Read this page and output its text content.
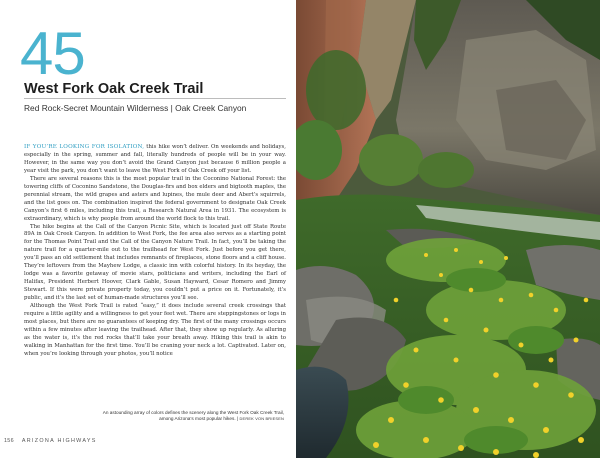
45
West Fork Oak Creek Trail
Red Rock-Secret Mountain Wilderness | Oak Creek Canyon

IF YOU’RE LOOKING FOR ISOLATION, this hike won’t deliver. On weekends and holidays, especially in the spring, summer and fall, literally hundreds of people will be in your way. However, in the same way you don’t avoid the Grand Canyon just because 6 million people a year visit the park, you don’t want to leave the West Fork of Oak Creek off your list.

There are several reasons this is the most popular trail in the Coconino National Forest: the towering cliffs of Coconino Sandstone, the Douglas-firs and box elders and bigtooth maples, the perennial stream, the wild grapes and asters and lupines, the mule deer and Abert’s squirrels, and the list goes on. The combination inspired the federal government to designate Oak Creek Canyon’s first 6 miles, including this trail, a Research Natural Area in 1931. The ecosystem is extraordinary, which is why people from around the world flock to this trail.

The hike begins at the Call of the Canyon Picnic Site, which is located just off State Route 89A in Oak Creek Canyon. In addition to West Fork, the fee area also serves as a starting point for the Thomas Point Trail and the Call of the Canyon Nature Trail. In fact, you’ll be taking the nature trail for a quarter-mile out to the trailhead for West Fork. Just before you get there, you’ll pass an old settlement that includes remnants of fireplaces, stone floors and a cliff house. They’re leftovers from the Mayhew Lodge, a classic inn with colorful history. In its heyday, the lodge was a favorite getaway of movie stars, politicians and writers, including the Earl of Halifax, President Herbert Hoover, Clark Gable, Susan Hayward, Cesar Romero and Jimmy Stewart. If this were private property today, you couldn’t put a price on it. Fortunately, it’s public, and it’s the last set of human-made structures you’ll see.

Although the West Fork Trail is rated “easy,” it does include several creek crossings that require a little agility and a willingness to get your feet wet. There are steppingstones or logs in most places, but there are no guarantees of keeping dry. The first of the many crossings occurs within a few minutes after leaving the trailhead. After that, they show up regularly. As alluring as the water is, it’s the red rocks that’ll take your breath away. Hiking this trail is akin to walking in Manhattan for the first time. You’ll be craning your neck a lot. Captivated. Later on, when you’re looking through your photos, you’ll notice

An astounding array of colors defines the scenery along the West Fork Oak Creek Trail, among Arizona’s most popular hikes. | DEREK VON BRIESEN
156 ARIZONA HIGHWAYS
